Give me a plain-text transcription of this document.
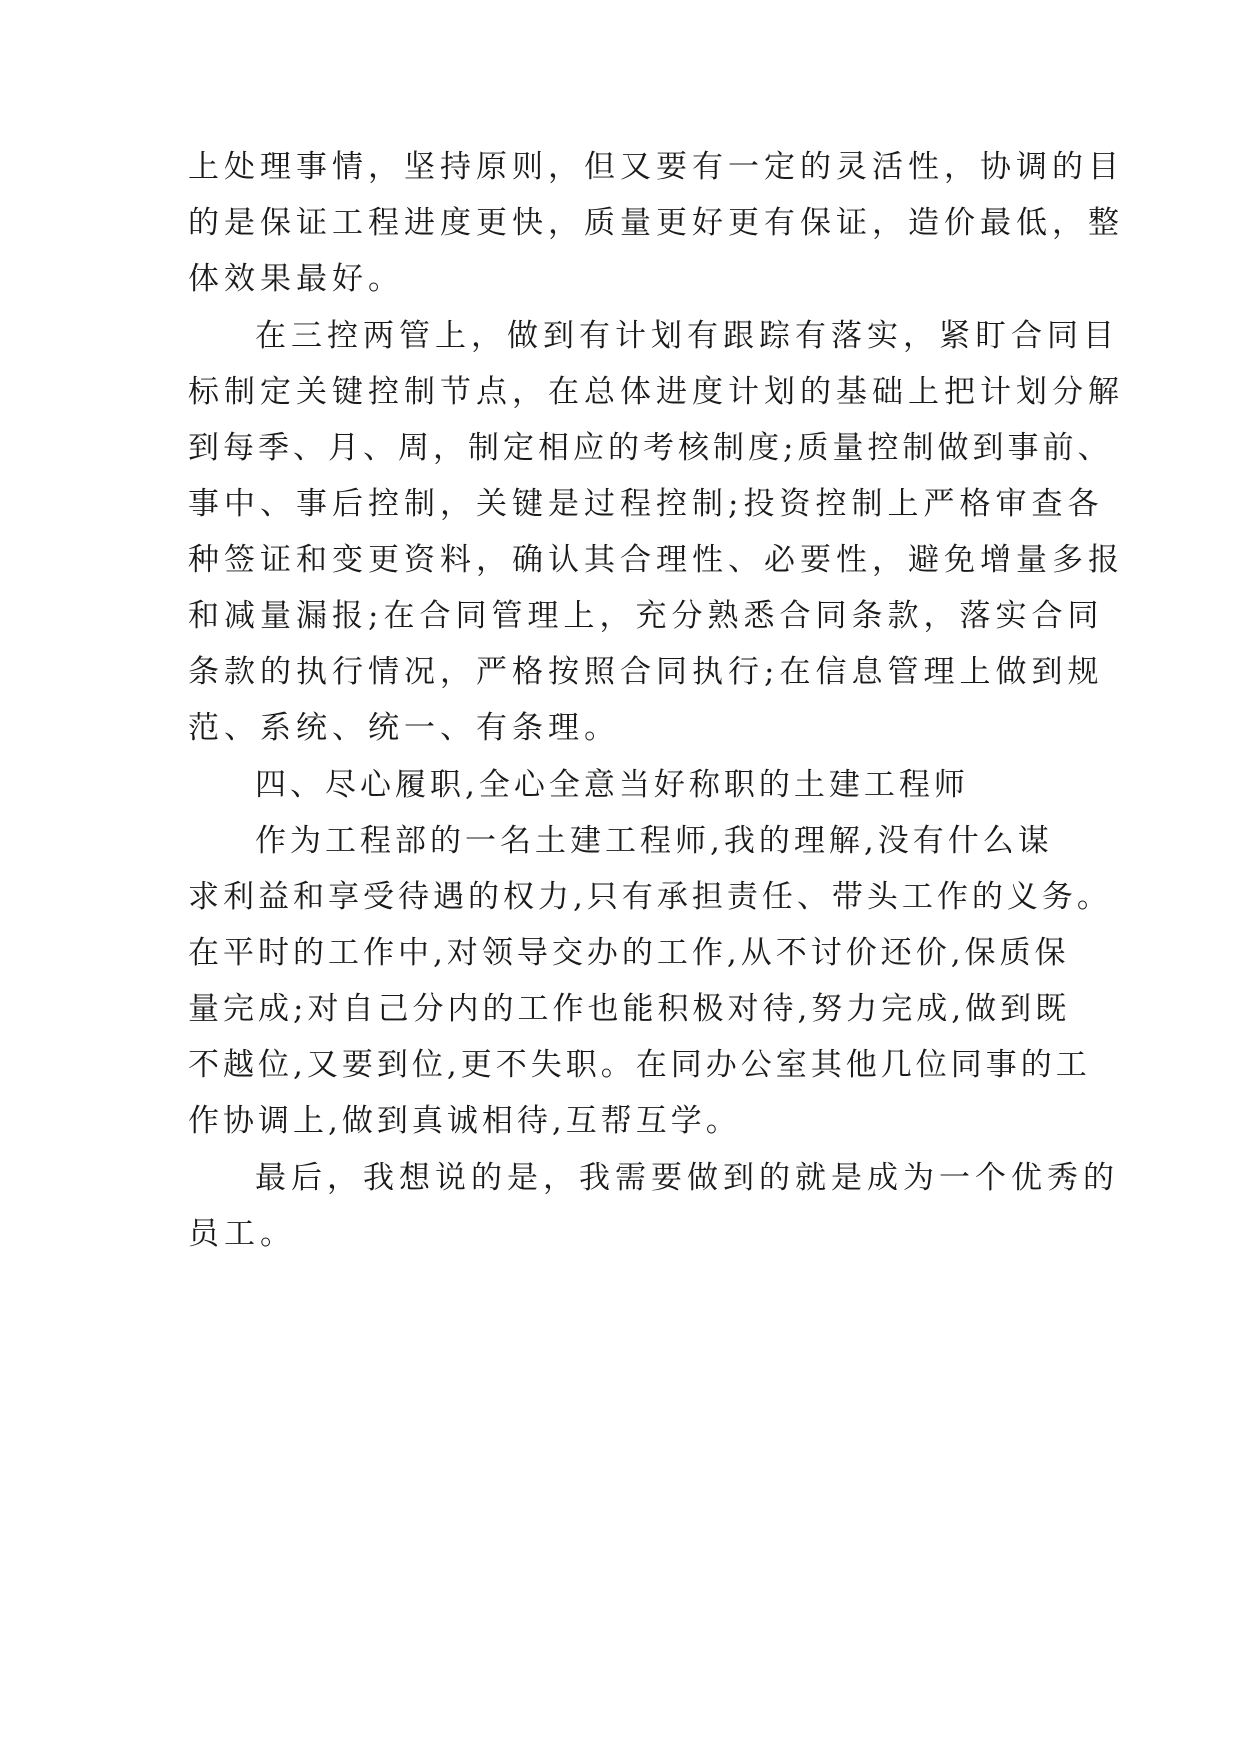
上处理事情，坚持原则，但又要有一定的灵活性，协调的目
的是保证工程进度更快，质量更好更有保证，造价最低，整
体效果最好。
在三控两管上，做到有计划有跟踪有落实，紧盯合同目
标制定关键控制节点，在总体进度计划的基础上把计划分解
到每季、月、周，制定相应的考核制度;质量控制做到事前、
事中、事后控制，关键是过程控制;投资控制上严格审查各
种签证和变更资料，确认其合理性、必要性，避免增量多报
和减量漏报;在合同管理上，充分熟悉合同条款，落实合同
条款的执行情况，严格按照合同执行;在信息管理上做到规
范、系统、统一、有条理。
四、尽心履职,全心全意当好称职的土建工程师
作为工程部的一名土建工程师,我的理解,没有什么谋
求利益和享受待遇的权力,只有承担责任、带头工作的义务。
在平时的工作中,对领导交办的工作,从不讨价还价,保质保
量完成;对自己分内的工作也能积极对待,努力完成,做到既
不越位,又要到位,更不失职。在同办公室其他几位同事的工
作协调上,做到真诚相待,互帮互学。
最后，我想说的是，我需要做到的就是成为一个优秀的
员工。
